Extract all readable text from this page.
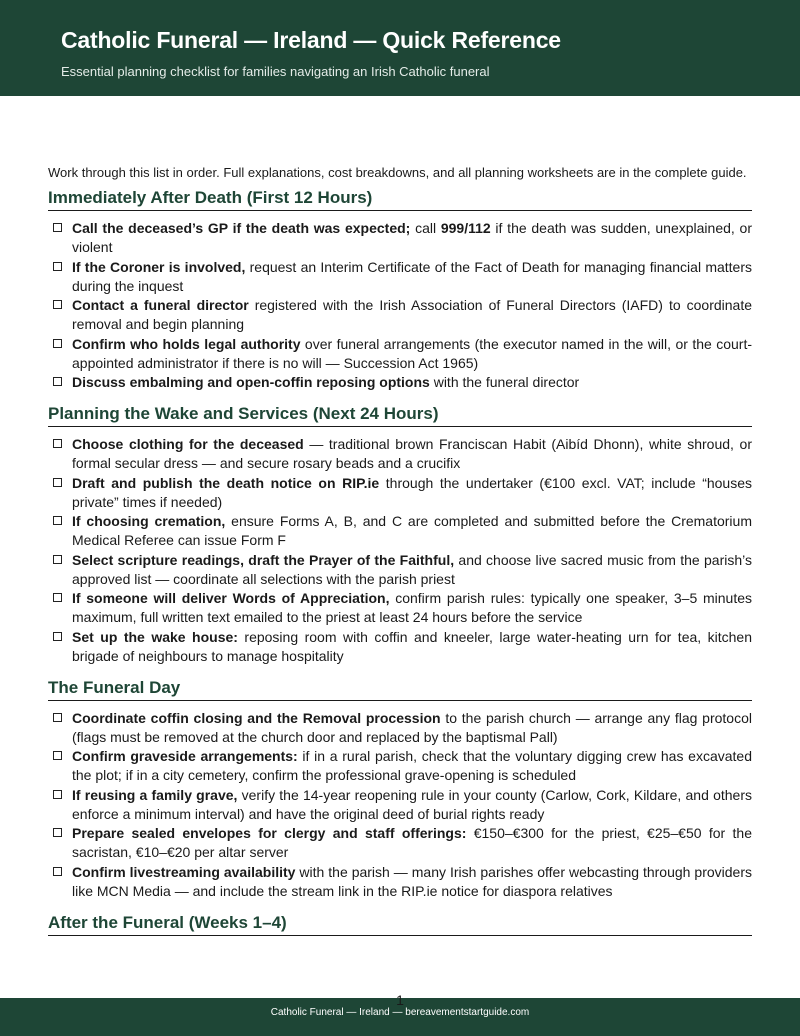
Catholic Funeral — Ireland — Quick Reference

Essential planning checklist for families navigating an Irish Catholic funeral

Work through this list in order. Full explanations, cost breakdowns, and all planning worksheets are in the complete guide.

Immediately After Death (First 12 Hours)
Call the deceased’s GP if the death was expected; call 999/112 if the death was sudden, unexplained, or violent
If the Coroner is involved, request an Interim Certificate of the Fact of Death for managing financial matters during the inquest
Contact a funeral director registered with the Irish Association of Funeral Directors (IAFD) to coordinate removal and begin planning
Confirm who holds legal authority over funeral arrangements (the executor named in the will, or the court-appointed administrator if there is no will — Succession Act 1965)
Discuss embalming and open-coffin reposing options with the funeral director
Planning the Wake and Services (Next 24 Hours)
Choose clothing for the deceased — traditional brown Franciscan Habit (Aibíd Dhonn), white shroud, or formal secular dress — and secure rosary beads and a crucifix
Draft and publish the death notice on RIP.ie through the undertaker (€100 excl. VAT; include “houses private” times if needed)
If choosing cremation, ensure Forms A, B, and C are completed and submitted before the Crematorium Medical Referee can issue Form F
Select scripture readings, draft the Prayer of the Faithful, and choose live sacred music from the parish’s approved list — coordinate all selections with the parish priest
If someone will deliver Words of Appreciation, confirm parish rules: typically one speaker, 3–5 minutes maximum, full written text emailed to the priest at least 24 hours before the service
Set up the wake house: reposing room with coffin and kneeler, large water-heating urn for tea, kitchen brigade of neighbours to manage hospitality
The Funeral Day
Coordinate coffin closing and the Removal procession to the parish church — arrange any flag protocol (flags must be removed at the church door and replaced by the baptismal Pall)
Confirm graveside arrangements: if in a rural parish, check that the voluntary digging crew has excavated the plot; if in a city cemetery, confirm the professional grave-opening is scheduled
If reusing a family grave, verify the 14-year reopening rule in your county (Carlow, Cork, Kildare, and others enforce a minimum interval) and have the original deed of burial rights ready
Prepare sealed envelopes for clergy and staff offerings: €150–€300 for the priest, €25–€50 for the sacristan, €10–€20 per altar server
Confirm livestreaming availability with the parish — many Irish parishes offer webcasting through providers like MCN Media — and include the stream link in the RIP.ie notice for diaspora relatives
After the Funeral (Weeks 1–4)
1
Catholic Funeral — Ireland — bereavementstartguide.com
